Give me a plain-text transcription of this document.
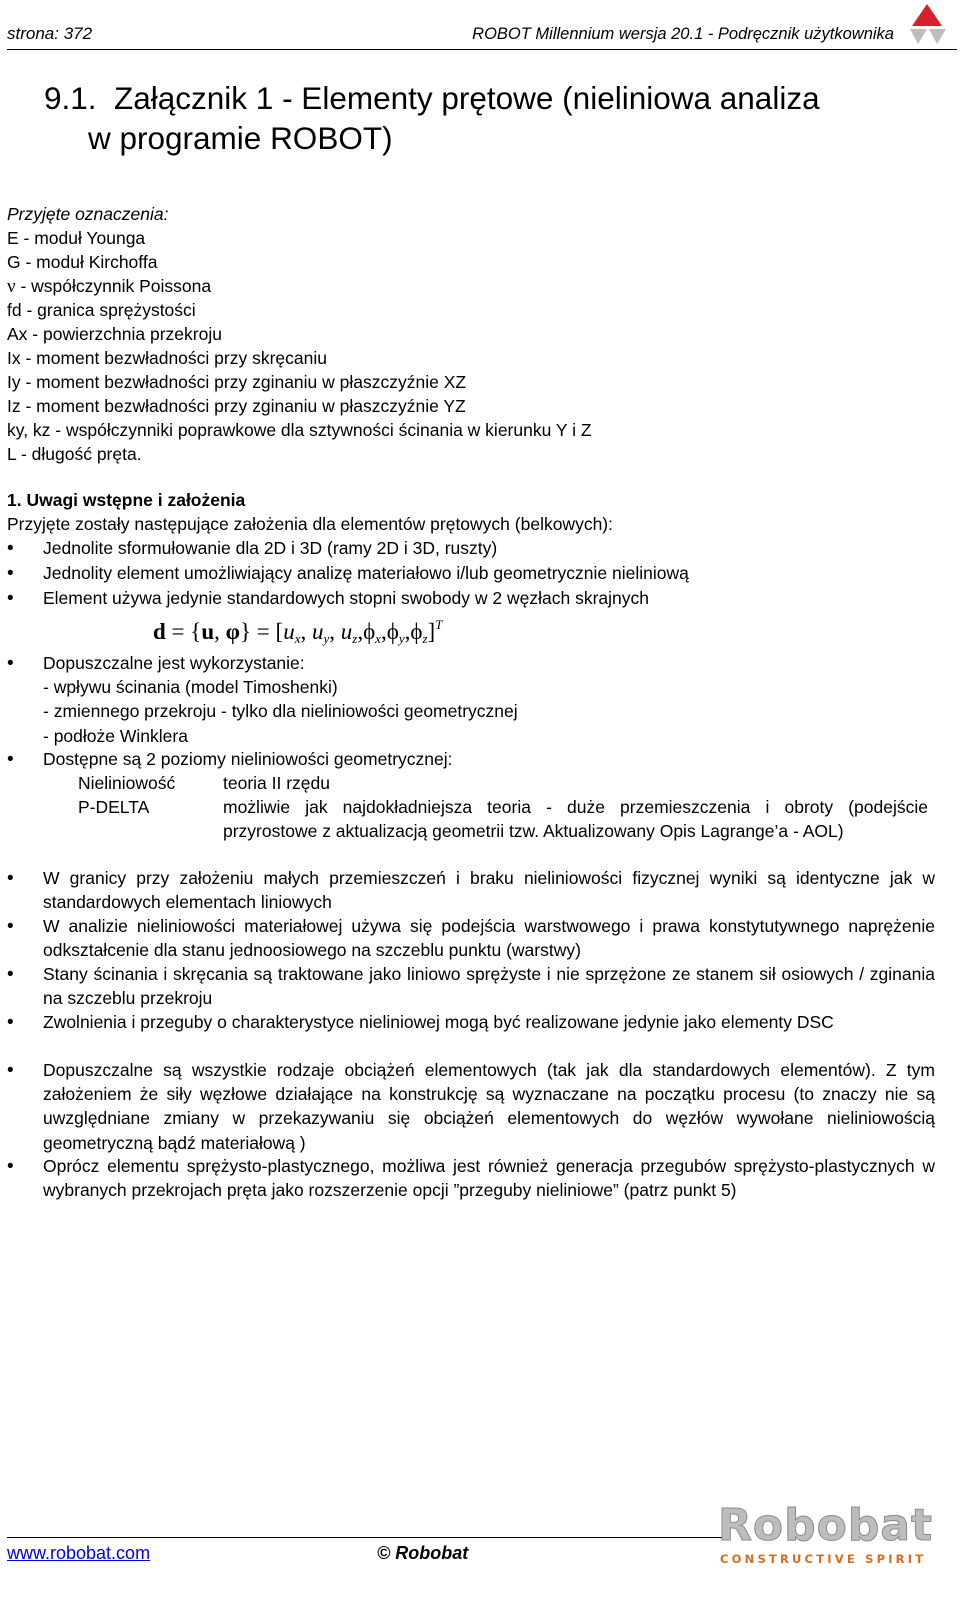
strona: 372	ROBOT Millennium wersja 20.1 - Podręcznik użytkownika
9.1. Załącznik 1 - Elementy prętowe (nieliniowa analiza
w programie ROBOT)
Przyjęte oznaczenia:
E - moduł Younga
G - moduł Kirchoffa
ν - współczynnik Poissona
fd - granica sprężystości
Ax - powierzchnia przekroju
Ix - moment bezwładności przy skręcaniu
Iy - moment bezwładności przy zginaniu w płaszczyźnie XZ
Iz - moment bezwładności przy zginaniu w płaszczyźnie YZ
ky, kz - współczynniki poprawkowe dla sztywności ścinania w kierunku Y i Z
L - długość pręta.
1. Uwagi wstępne i założenia
Przyjęte zostały następujące założenia dla elementów prętowych (belkowych):
•
Jednolite sformułowanie dla 2D i 3D (ramy 2D i 3D, ruszty)
•
Jednolity element umożliwiający analizę materiałowo i/lub geometrycznie nieliniową
•
Element używa jedynie standardowych stopni swobody w 2 węzłach skrajnych
d = {u, $\varphi\} = [u_x$, $u_y$, $u_z,\phi_x,\phi_y,\phi_z]^T$
•
Dopuszczalne jest wykorzystanie:
- wpływu ścinania (model Timoshenki)
- zmiennego przekroju - tylko dla nieliniowości geometrycznej
- podłoże Winklera
•
Dostępne są 2 poziomy nieliniowości geometrycznej:
Nieliniowość	teoria II rzędu
P-DELTA	możliwie jak najdokładniejsza teoria - duże przemieszczenia i obroty (podejście przyrostowe z aktualizacją geometrii tzw. Aktualizowany Opis Lagrange’a - AOL)
•
W granicy przy założeniu małych przemieszczeń i braku nieliniowości fizycznej wyniki są identyczne jak w standardowych elementach liniowych
•
W analizie nieliniowości materiałowej używa się podejścia warstwowego i prawa konstytutywnego naprężenie odkształcenie dla stanu jednoosiowego na szczeblu punktu (warstwy)
•
Stany ścinania i skręcania są traktowane jako liniowo sprężyste i nie sprzężone ze stanem sił osiowych / zginania na szczeblu przekroju
•
Zwolnienia i przeguby o charakterystyce nieliniowej mogą być realizowane jedynie jako elementy DSC
•
Dopuszczalne są wszystkie rodzaje obciążeń elementowych (tak jak dla standardowych elementów). Z tym założeniem że siły węzłowe działające na konstrukcję są wyznaczane na początku procesu (to znaczy nie są uwzględniane zmiany w przekazywaniu się obciążeń elementowych do węzłów wywołane nieliniowością geometryczną bądź materiałową )
•
Oprócz elementu sprężysto-plastycznego, możliwa jest również generacja przegubów sprężysto-plastycznych w wybranych przekrojach pręta jako rozszerzenie opcji ”przeguby nieliniowe” (patrz punkt 5)
www.robobat.com	© Robobat
Robobat
CONSTRUCTIVE SPIRIT
